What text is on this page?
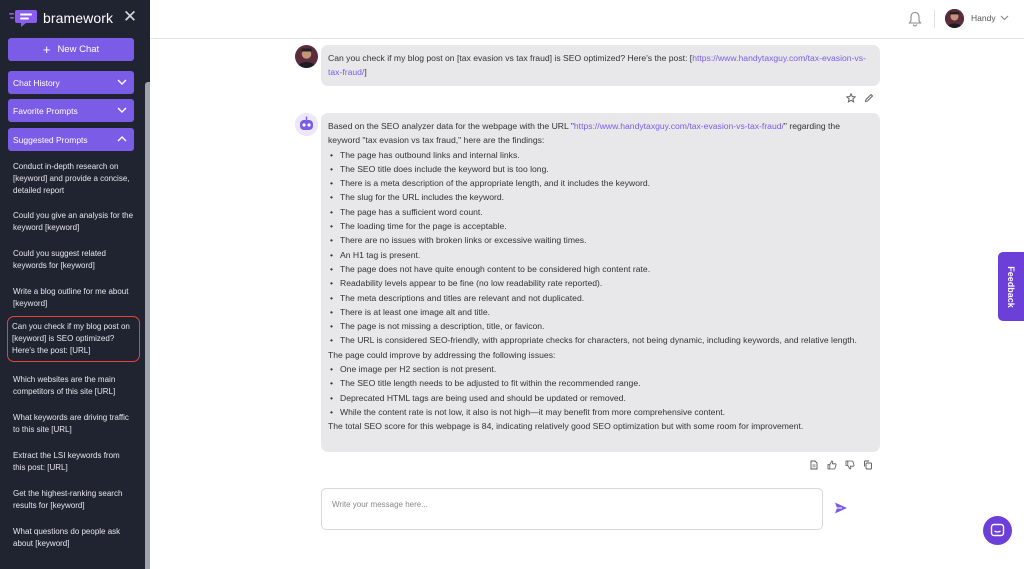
bramework ✕
+ New Chat
Chat History
Favorite Prompts
Suggested Prompts
Conduct in-depth research on [keyword] and provide a concise, detailed report
Could you give an analysis for the keyword [keyword]
Could you suggest related keywords for [keyword]
Write a blog outline for me about [keyword]
Can you check if my blog post on [keyword] is SEO optimized? Here's the post: [URL]
Which websites are the main competitors of this site [URL]
What keywords are driving traffic to this site [URL]
Extract the LSI keywords from this post: [URL]
Get the highest-ranking search results for [keyword]
What questions do people ask about [keyword]
Handy
Can you check if my blog post on [tax evasion vs tax fraud] is SEO optimized? Here's the post: [https://www.handytaxguy.com/tax-evasion-vs-tax-fraud/]
Based on the SEO analyzer data for the webpage with the URL "https://www.handytaxguy.com/tax-evasion-vs-tax-fraud/" regarding the keyword "tax evasion vs tax fraud," here are the findings:
• The page has outbound links and internal links.
• The SEO title does include the keyword but is too long.
• There is a meta description of the appropriate length, and it includes the keyword.
• The slug for the URL includes the keyword.
• The page has a sufficient word count.
• The loading time for the page is acceptable.
• There are no issues with broken links or excessive waiting times.
• An H1 tag is present.
• The page does not have quite enough content to be considered high content rate.
• Readability levels appear to be fine (no low readability rate reported).
• The meta descriptions and titles are relevant and not duplicated.
• There is at least one image alt and title.
• The page is not missing a description, title, or favicon.
• The URL is considered SEO-friendly, with appropriate checks for characters, not being dynamic, including keywords, and relative length.
The page could improve by addressing the following issues:
• One image per H2 section is not present.
• The SEO title length needs to be adjusted to fit within the recommended range.
• Deprecated HTML tags are being used and should be updated or removed.
• While the content rate is not low, it also is not high—it may benefit from more comprehensive content.
The total SEO score for this webpage is 84, indicating relatively good SEO optimization but with some room for improvement.
Write your message here...
Feedback
